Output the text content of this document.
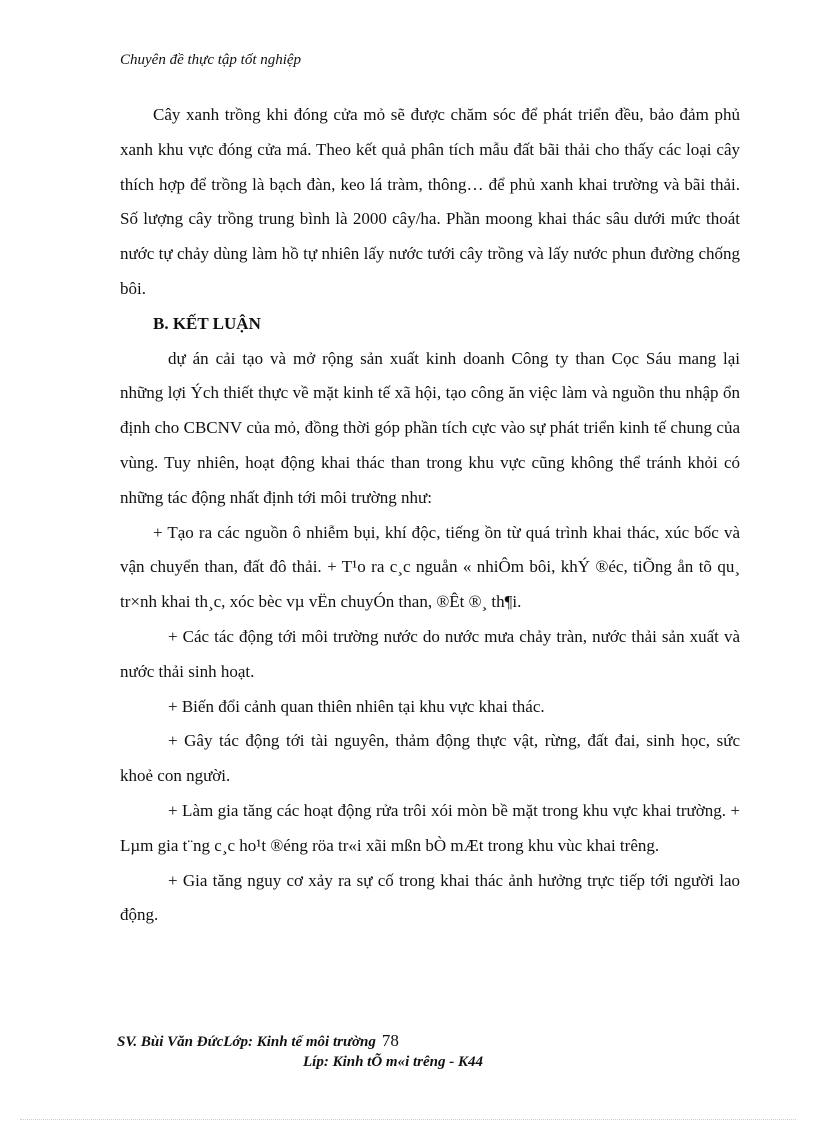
Chuyên đề thực tập tốt nghiệp

Cây xanh trồng khi đóng cửa mỏ sẽ được chăm sóc để phát triển đều, bảo đảm phủ xanh khu vực đóng cửa má. Theo kết quả phân tích mẫu đất bãi thải cho thấy các loại cây thích hợp để trồng là bạch đàn, keo lá tràm, thông… để phủ xanh khai trường và bãi thải. Số lượng cây trồng trung bình là 2000 cây/ha. Phần moong khai thác sâu dưới mức thoát nước tự chảy dùng làm hồ tự nhiên lấy nước tưới cây trồng và lấy nước phun đường chống bôi.

B. KẾT LUẬN

dự án cải tạo và mở rộng sản xuất kinh doanh Công ty than Cọc Sáu mang lại những lợi Ých thiết thực về mặt kinh tế xã hội, tạo công ăn việc làm và nguồn thu nhập ổn định cho CBCNV của mỏ, đồng thời góp phần tích cực vào sự phát triển kinh tế chung của vùng. Tuy nhiên, hoạt động khai thác than trong khu vực cũng không thể tránh khỏi có những tác động nhất định tới môi trường như:

+ Tạo ra các nguồn ô nhiễm bụi, khí độc, tiếng ồn từ quá trình khai thác, xúc bốc và vận chuyển than, đất đô thải. + T¹o ra c¸c nguån « nhiÔm bôi, khÝ ®éc, tiÕng ån tõ qu¸ tr×nh khai th¸c, xóc bèc vµ vËn chuyÓn than, ®Êt ®¸ th¶i.

+ Các tác động tới môi trường nước do nước mưa chảy tràn, nước thải sản xuất và nước thải sinh hoạt.

+ Biến đổi cảnh quan thiên nhiên tại khu vực khai thác.

+ Gây tác động tới tài nguyên, thảm động thực vật, rừng, đất đai, sinh học, sức khoẻ con người.

+ Làm gia tăng các hoạt động rửa trôi xói mòn bề mặt trong khu vực khai trường. + Lµm gia t¨ng c¸c ho¹t ®éng röa tr«i xãi mßn bÒ mÆt trong khu vùc khai trêng.

+ Gia tăng nguy cơ xảy ra sự cố trong khai thác ảnh hưởng trực tiếp tới người lao động.

SV. Bùi Văn ĐứcLớp: Kinh tế môi trường 78
Líp: Kinh tÕ m«i trêng - K44
